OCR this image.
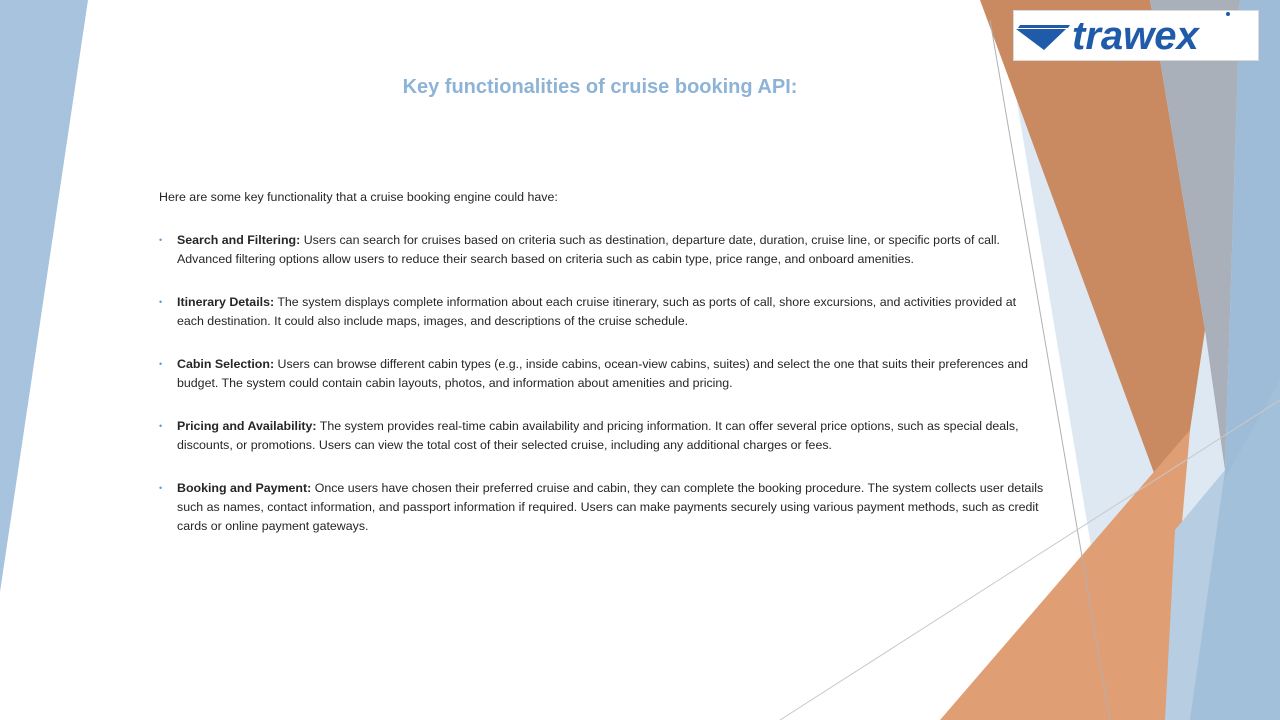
trawex
Key functionalities of cruise booking API:

Here are some key functionality that a cruise booking engine could have:

• Search and Filtering: Users can search for cruises based on criteria such as destination, departure date, duration, cruise line, or specific ports of call. Advanced filtering options allow users to reduce their search based on criteria such as cabin type, price range, and onboard amenities.
• Itinerary Details: The system displays complete information about each cruise itinerary, such as ports of call, shore excursions, and activities provided at each destination. It could also include maps, images, and descriptions of the cruise schedule.
• Cabin Selection: Users can browse different cabin types (e.g., inside cabins, ocean-view cabins, suites) and select the one that suits their preferences and budget. The system could contain cabin layouts, photos, and information about amenities and pricing.
• Pricing and Availability: The system provides real-time cabin availability and pricing information. It can offer several price options, such as special deals, discounts, or promotions. Users can view the total cost of their selected cruise, including any additional charges or fees.
• Booking and Payment: Once users have chosen their preferred cruise and cabin, they can complete the booking procedure. The system collects user details such as names, contact information, and passport information if required. Users can make payments securely using various payment methods, such as credit cards or online payment gateways.
